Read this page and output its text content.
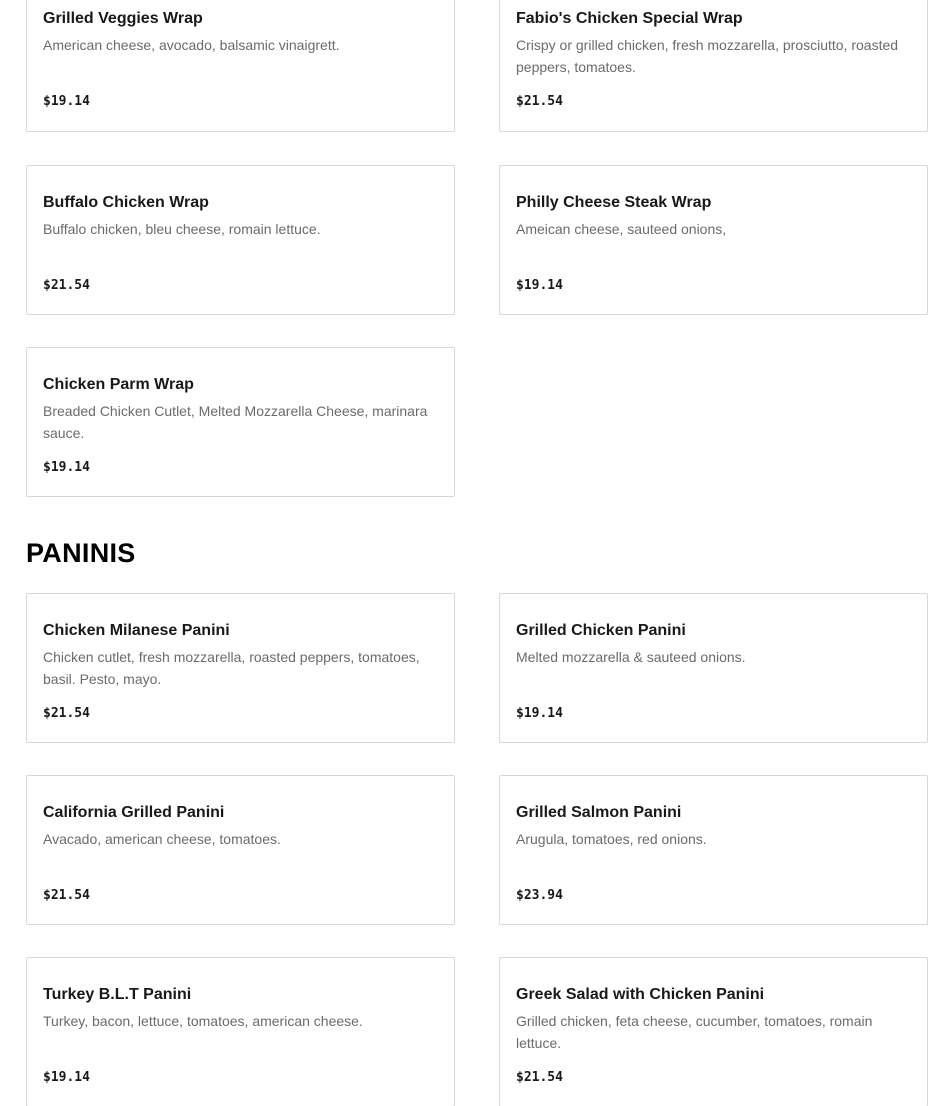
Grilled Veggies Wrap
American cheese, avocado, balsamic vinaigrett.
$19.14
Fabio's Chicken Special Wrap
Crispy or grilled chicken, fresh mozzarella, prosciutto, roasted peppers, tomatoes.
$21.54
Buffalo Chicken Wrap
Buffalo chicken, bleu cheese, romain lettuce.
$21.54
Philly Cheese Steak Wrap
Ameican cheese, sauteed onions,
$19.14
Chicken Parm Wrap
Breaded Chicken Cutlet, Melted Mozzarella Cheese, marinara sauce.
$19.14
PANINIS
Chicken Milanese Panini
Chicken cutlet, fresh mozzarella, roasted peppers, tomatoes, basil. Pesto, mayo.
$21.54
Grilled Chicken Panini
Melted mozzarella & sauteed onions.
$19.14
California Grilled Panini
Avacado, american cheese, tomatoes.
$21.54
Grilled Salmon Panini
Arugula, tomatoes, red onions.
$23.94
Turkey B.L.T Panini
Turkey, bacon, lettuce, tomatoes, american cheese.
$19.14
Greek Salad with Chicken Panini
Grilled chicken, feta cheese, cucumber, tomatoes, romain lettuce.
$21.54
